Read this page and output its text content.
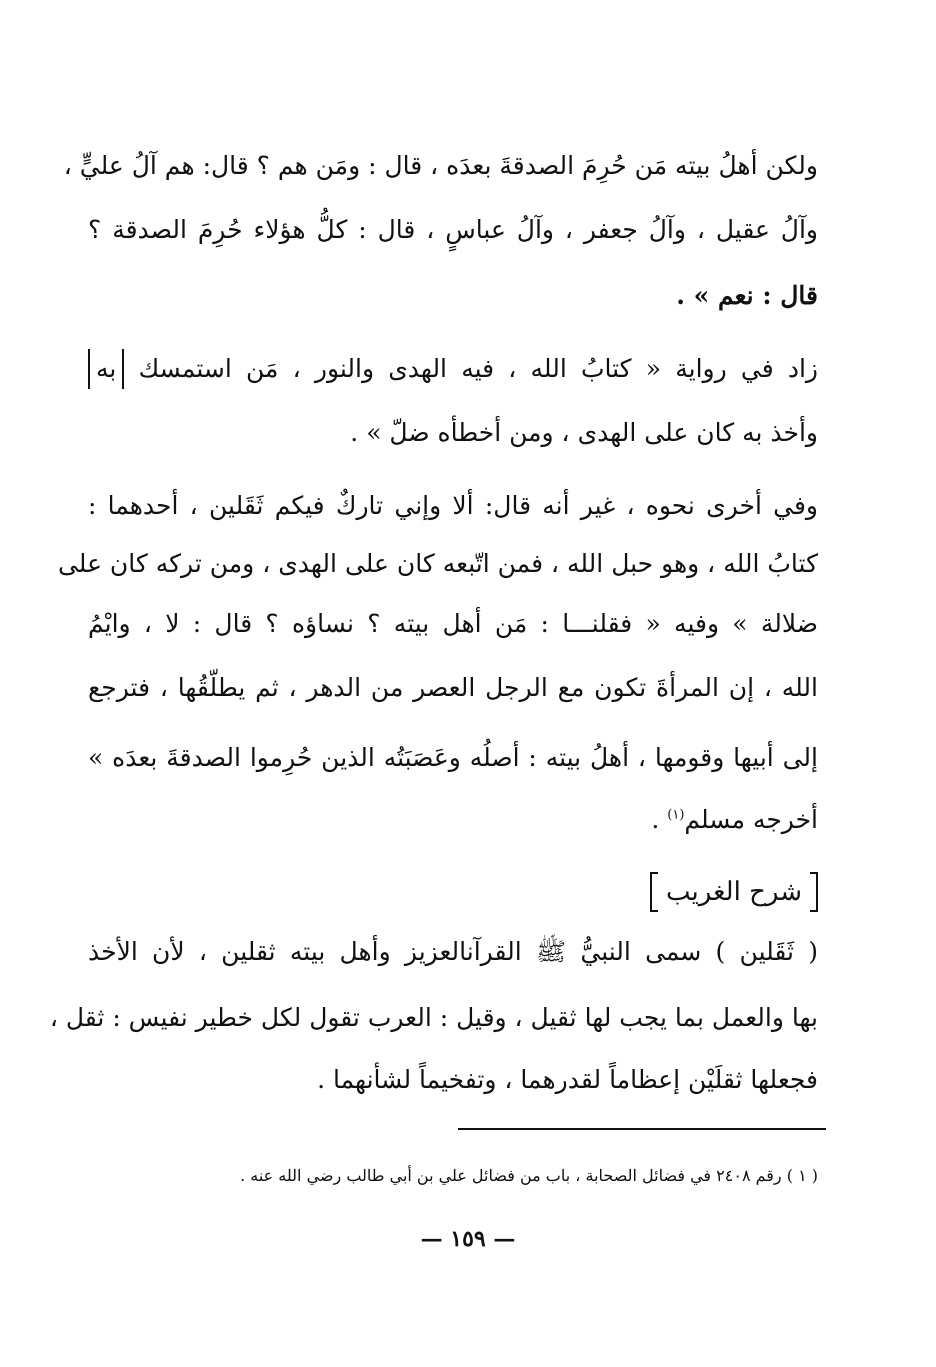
ولكن أهلُ بيته مَن حُرِمَ الصدقةَ بعدَه ، قال : ومَن هم ؟ قال: هم آلُ عليٍّ ،
وآلُ عقيل ، وآلُ جعفر ، وآلُ عباسٍ ، قال : كلُّ هؤلاء حُرِمَ الصدقة ؟
قال : نعم » .
زاد في رواية « كتابُ الله ، فيه الهدى والنور ، مَن استمسك به
وأخذ به كان على الهدى ، ومن أخطأه ضلّ » .
وفي أخرى نحوه ، غير أنه قال: ألا وإني تاركٌ فيكم ثَقَلين ، أحدهما :
كتابُ الله ، وهو حبل الله ، فمن اتّبعه كان على الهدى ، ومن تركه كان على
ضلالة » وفيه « فقلنـــا : مَن أهل بيته ؟ نساؤه ؟ قال : لا ، وايْمُ
الله ، إن المرأةَ تكون مع الرجل العصر من الدهر ، ثم يطلّقُها ، فترجع
إلى أبيها وقومها ، أهلُ بيته : أصلُه وعَصَبَتُه الذين حُرِموا الصدقةَ بعدَه »
أخرجه مسلم$^{(١)}$ .
شرح الغريب
( ثَقَلين ) سمى النبيُّ ﷺ القرآنالعزيز وأهل بيته ثقلين ، لأن الأخذ
بها والعمل بما يجب لها ثقيل ، وقيل : العرب تقول لكل خطير نفيس : ثقل ،
فجعلها ثقلَيْن إعظاماً لقدرهما ، وتفخيماً لشأنهما .
( ١ ) رقم ٢٤٠٨ في فضائل الصحابة ، باب من فضائل علي بن أبي طالب رضي الله عنه .
— ١٥٩ —
